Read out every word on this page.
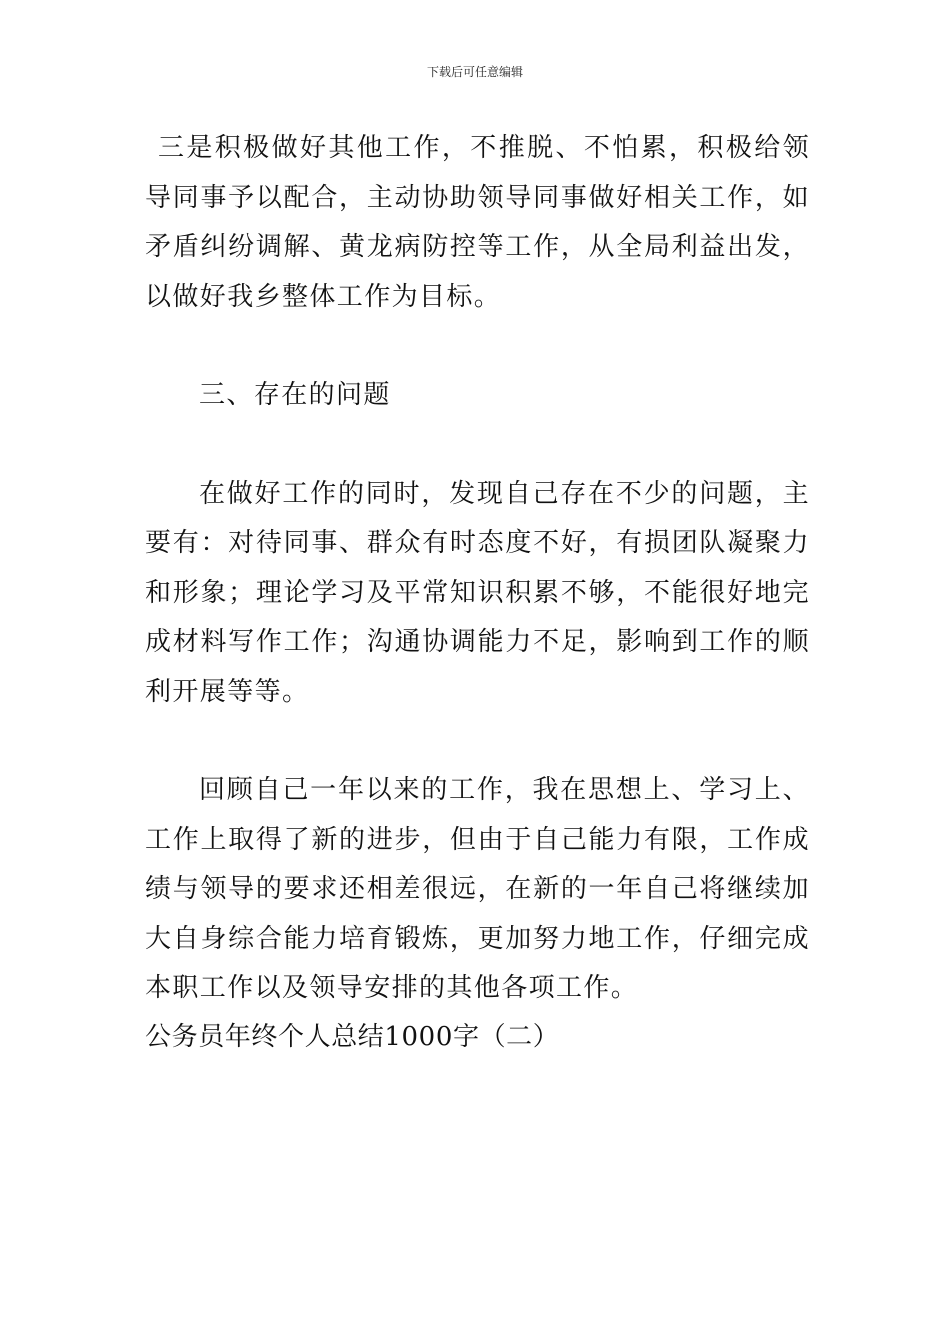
下载后可任意编辑

三是积极做好其他工作，不推脱、不怕累，积极给领导同事予以配合，主动协助领导同事做好相关工作，如矛盾纠纷调解、黄龙病防控等工作，从全局利益出发，以做好我乡整体工作为目标。

三、存在的问题

在做好工作的同时，发现自己存在不少的问题，主要有：对待同事、群众有时态度不好，有损团队凝聚力和形象；理论学习及平常知识积累不够，不能很好地完成材料写作工作；沟通协调能力不足，影响到工作的顺利开展等等。

回顾自己一年以来的工作，我在思想上、学习上、工作上取得了新的进步，但由于自己能力有限，工作成绩与领导的要求还相差很远，在新的一年自己将继续加大自身综合能力培育锻炼，更加努力地工作，仔细完成本职工作以及领导安排的其他各项工作。

公务员年终个人总结1000字（二）
